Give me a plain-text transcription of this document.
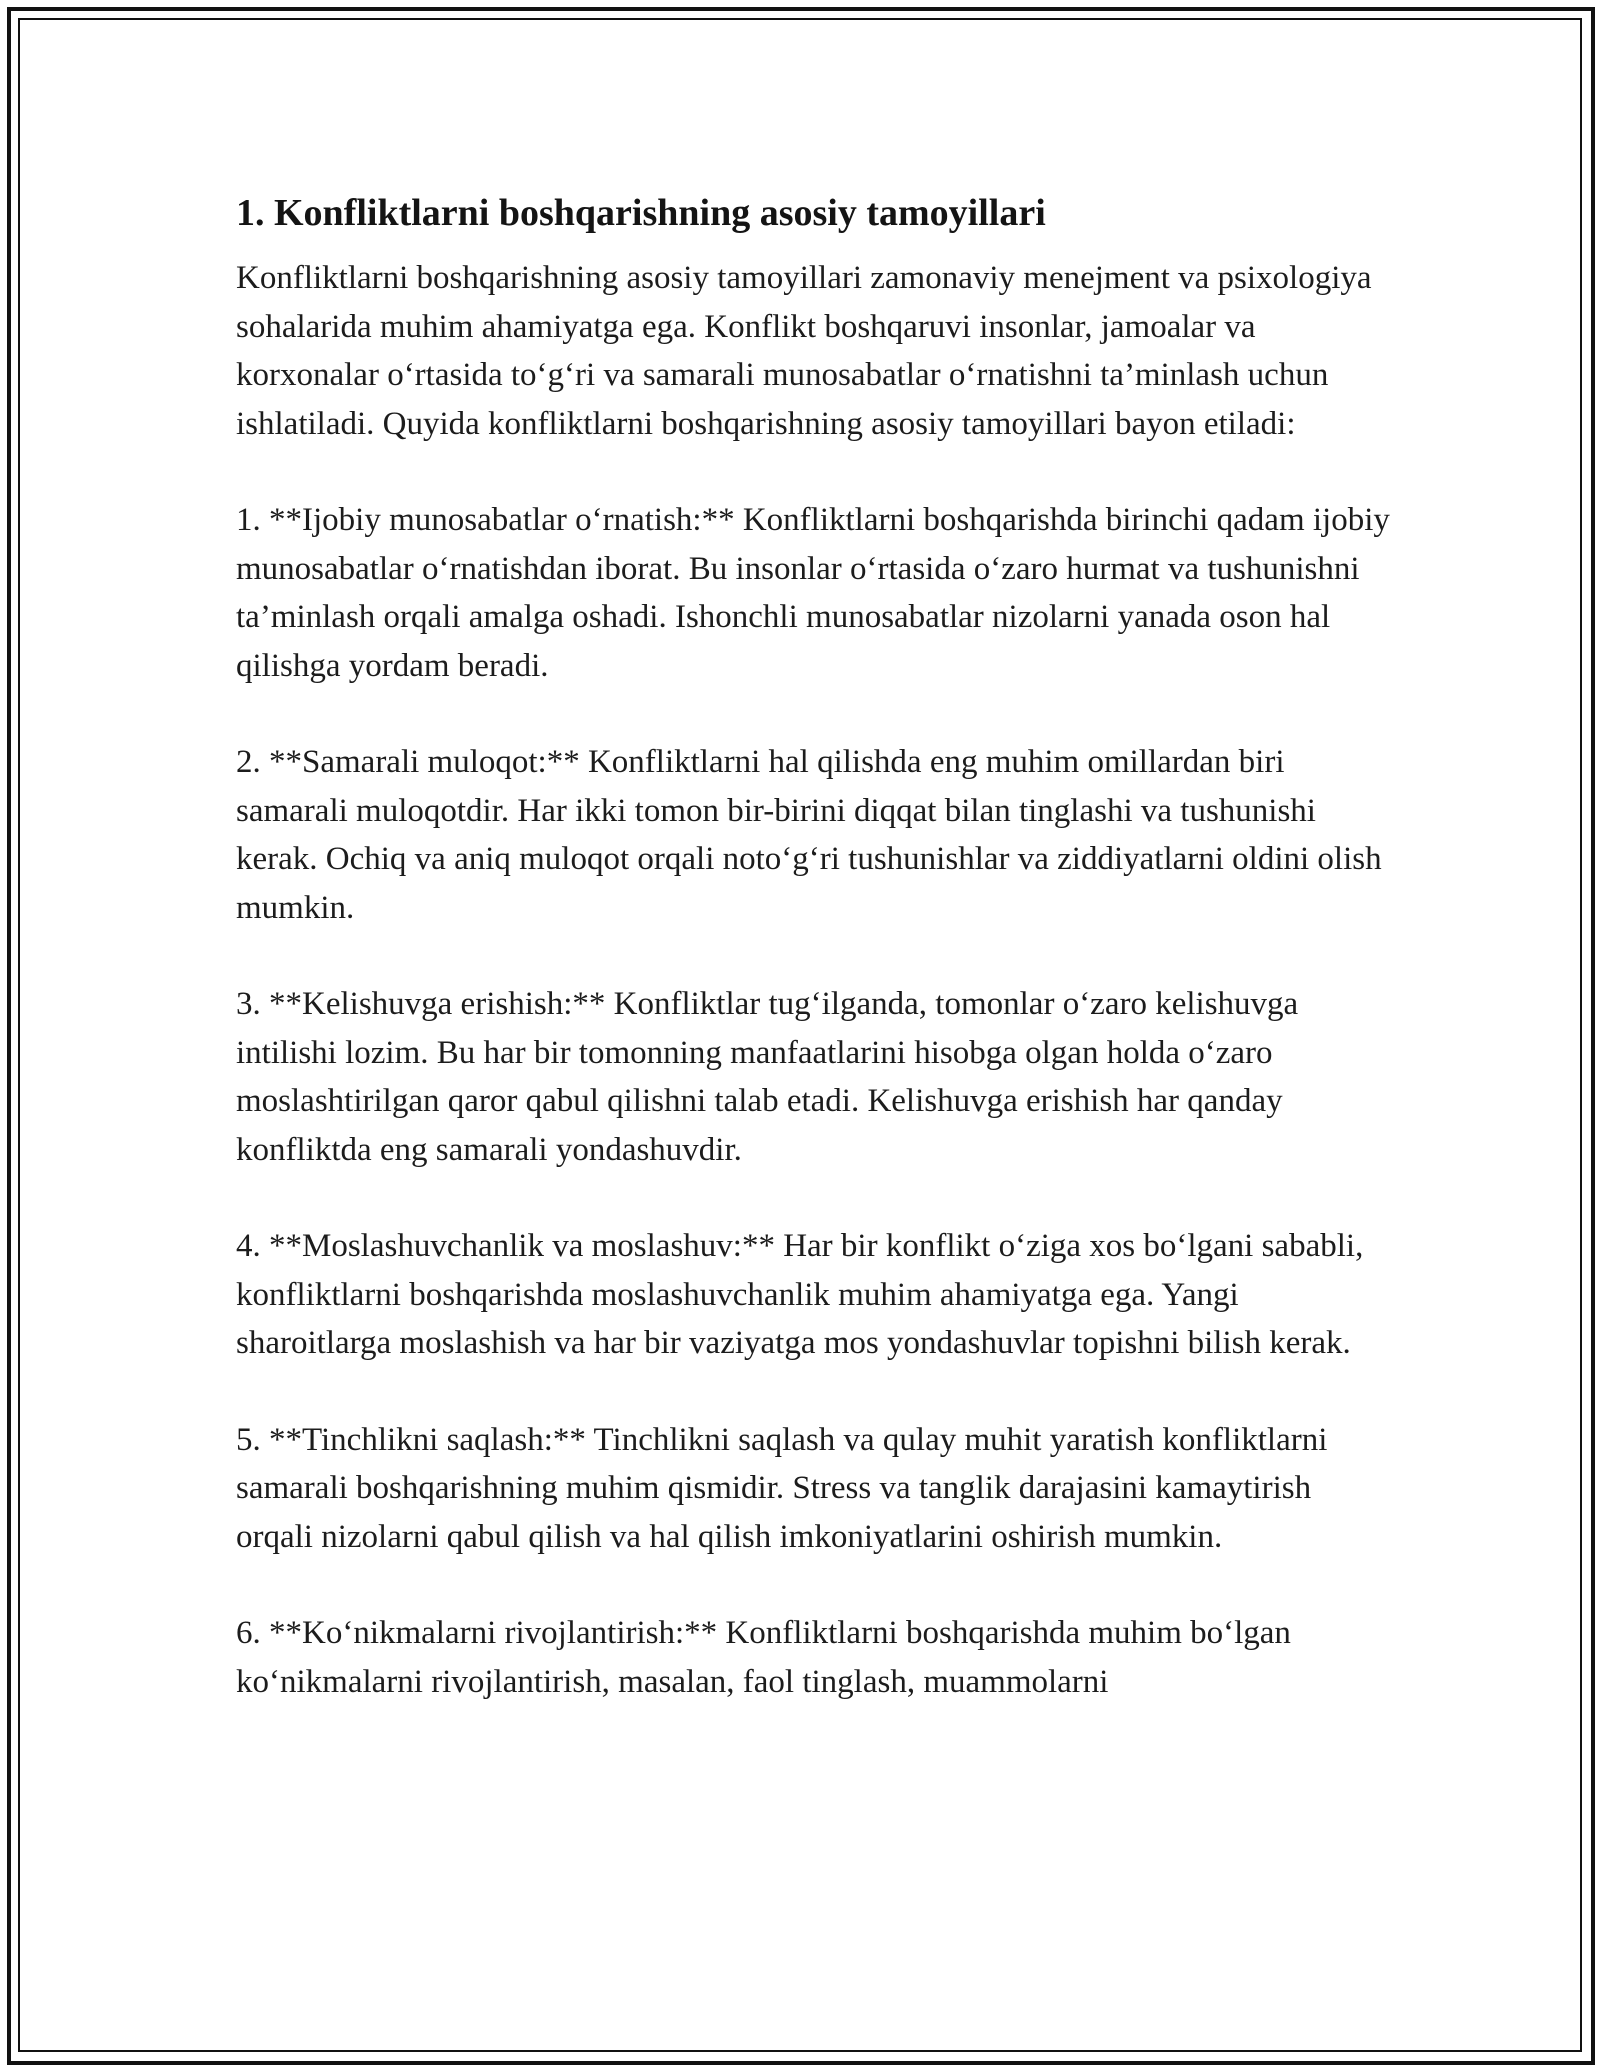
1. Konfliktlarni boshqarishning asosiy tamoyillari

Konfliktlarni boshqarishning asosiy tamoyillari zamonaviy menejment va psixologiya sohalarida muhim ahamiyatga ega. Konflikt boshqaruvi insonlar, jamoalar va korxonalar o‘rtasida to‘g‘ri va samarali munosabatlar o‘rnatishni ta’minlash uchun ishlatiladi. Quyida konfliktlarni boshqarishning asosiy tamoyillari bayon etiladi:

1. **Ijobiy munosabatlar o‘rnatish:** Konfliktlarni boshqarishda birinchi qadam ijobiy munosabatlar o‘rnatishdan iborat. Bu insonlar o‘rtasida o‘zaro hurmat va tushunishni ta’minlash orqali amalga oshadi. Ishonchli munosabatlar nizolarni yanada oson hal qilishga yordam beradi.

2. **Samarali muloqot:** Konfliktlarni hal qilishda eng muhim omillardan biri samarali muloqotdir. Har ikki tomon bir-birini diqqat bilan tinglashi va tushunishi kerak. Ochiq va aniq muloqot orqali noto‘g‘ri tushunishlar va ziddiyatlarni oldini olish mumkin.

3. **Kelishuvga erishish:** Konfliktlar tug‘ilganda, tomonlar o‘zaro kelishuvga intilishi lozim. Bu har bir tomonning manfaatlarini hisobga olgan holda o‘zaro moslashtirilgan qaror qabul qilishni talab etadi. Kelishuvga erishish har qanday konfliktda eng samarali yondashuvdir.

4. **Moslashuvchanlik va moslashuv:** Har bir konflikt o‘ziga xos bo‘lgani sababli, konfliktlarni boshqarishda moslashuvchanlik muhim ahamiyatga ega. Yangi sharoitlarga moslashish va har bir vaziyatga mos yondashuvlar topishni bilish kerak.

5. **Tinchlikni saqlash:** Tinchlikni saqlash va qulay muhit yaratish konfliktlarni samarali boshqarishning muhim qismidir. Stress va tanglik darajasini kamaytirish orqali nizolarni qabul qilish va hal qilish imkoniyatlarini oshirish mumkin.

6. **Ko‘nikmalarni rivojlantirish:** Konfliktlarni boshqarishda muhim bo‘lgan ko‘nikmalarni rivojlantirish, masalan, faol tinglash, muammolarni
